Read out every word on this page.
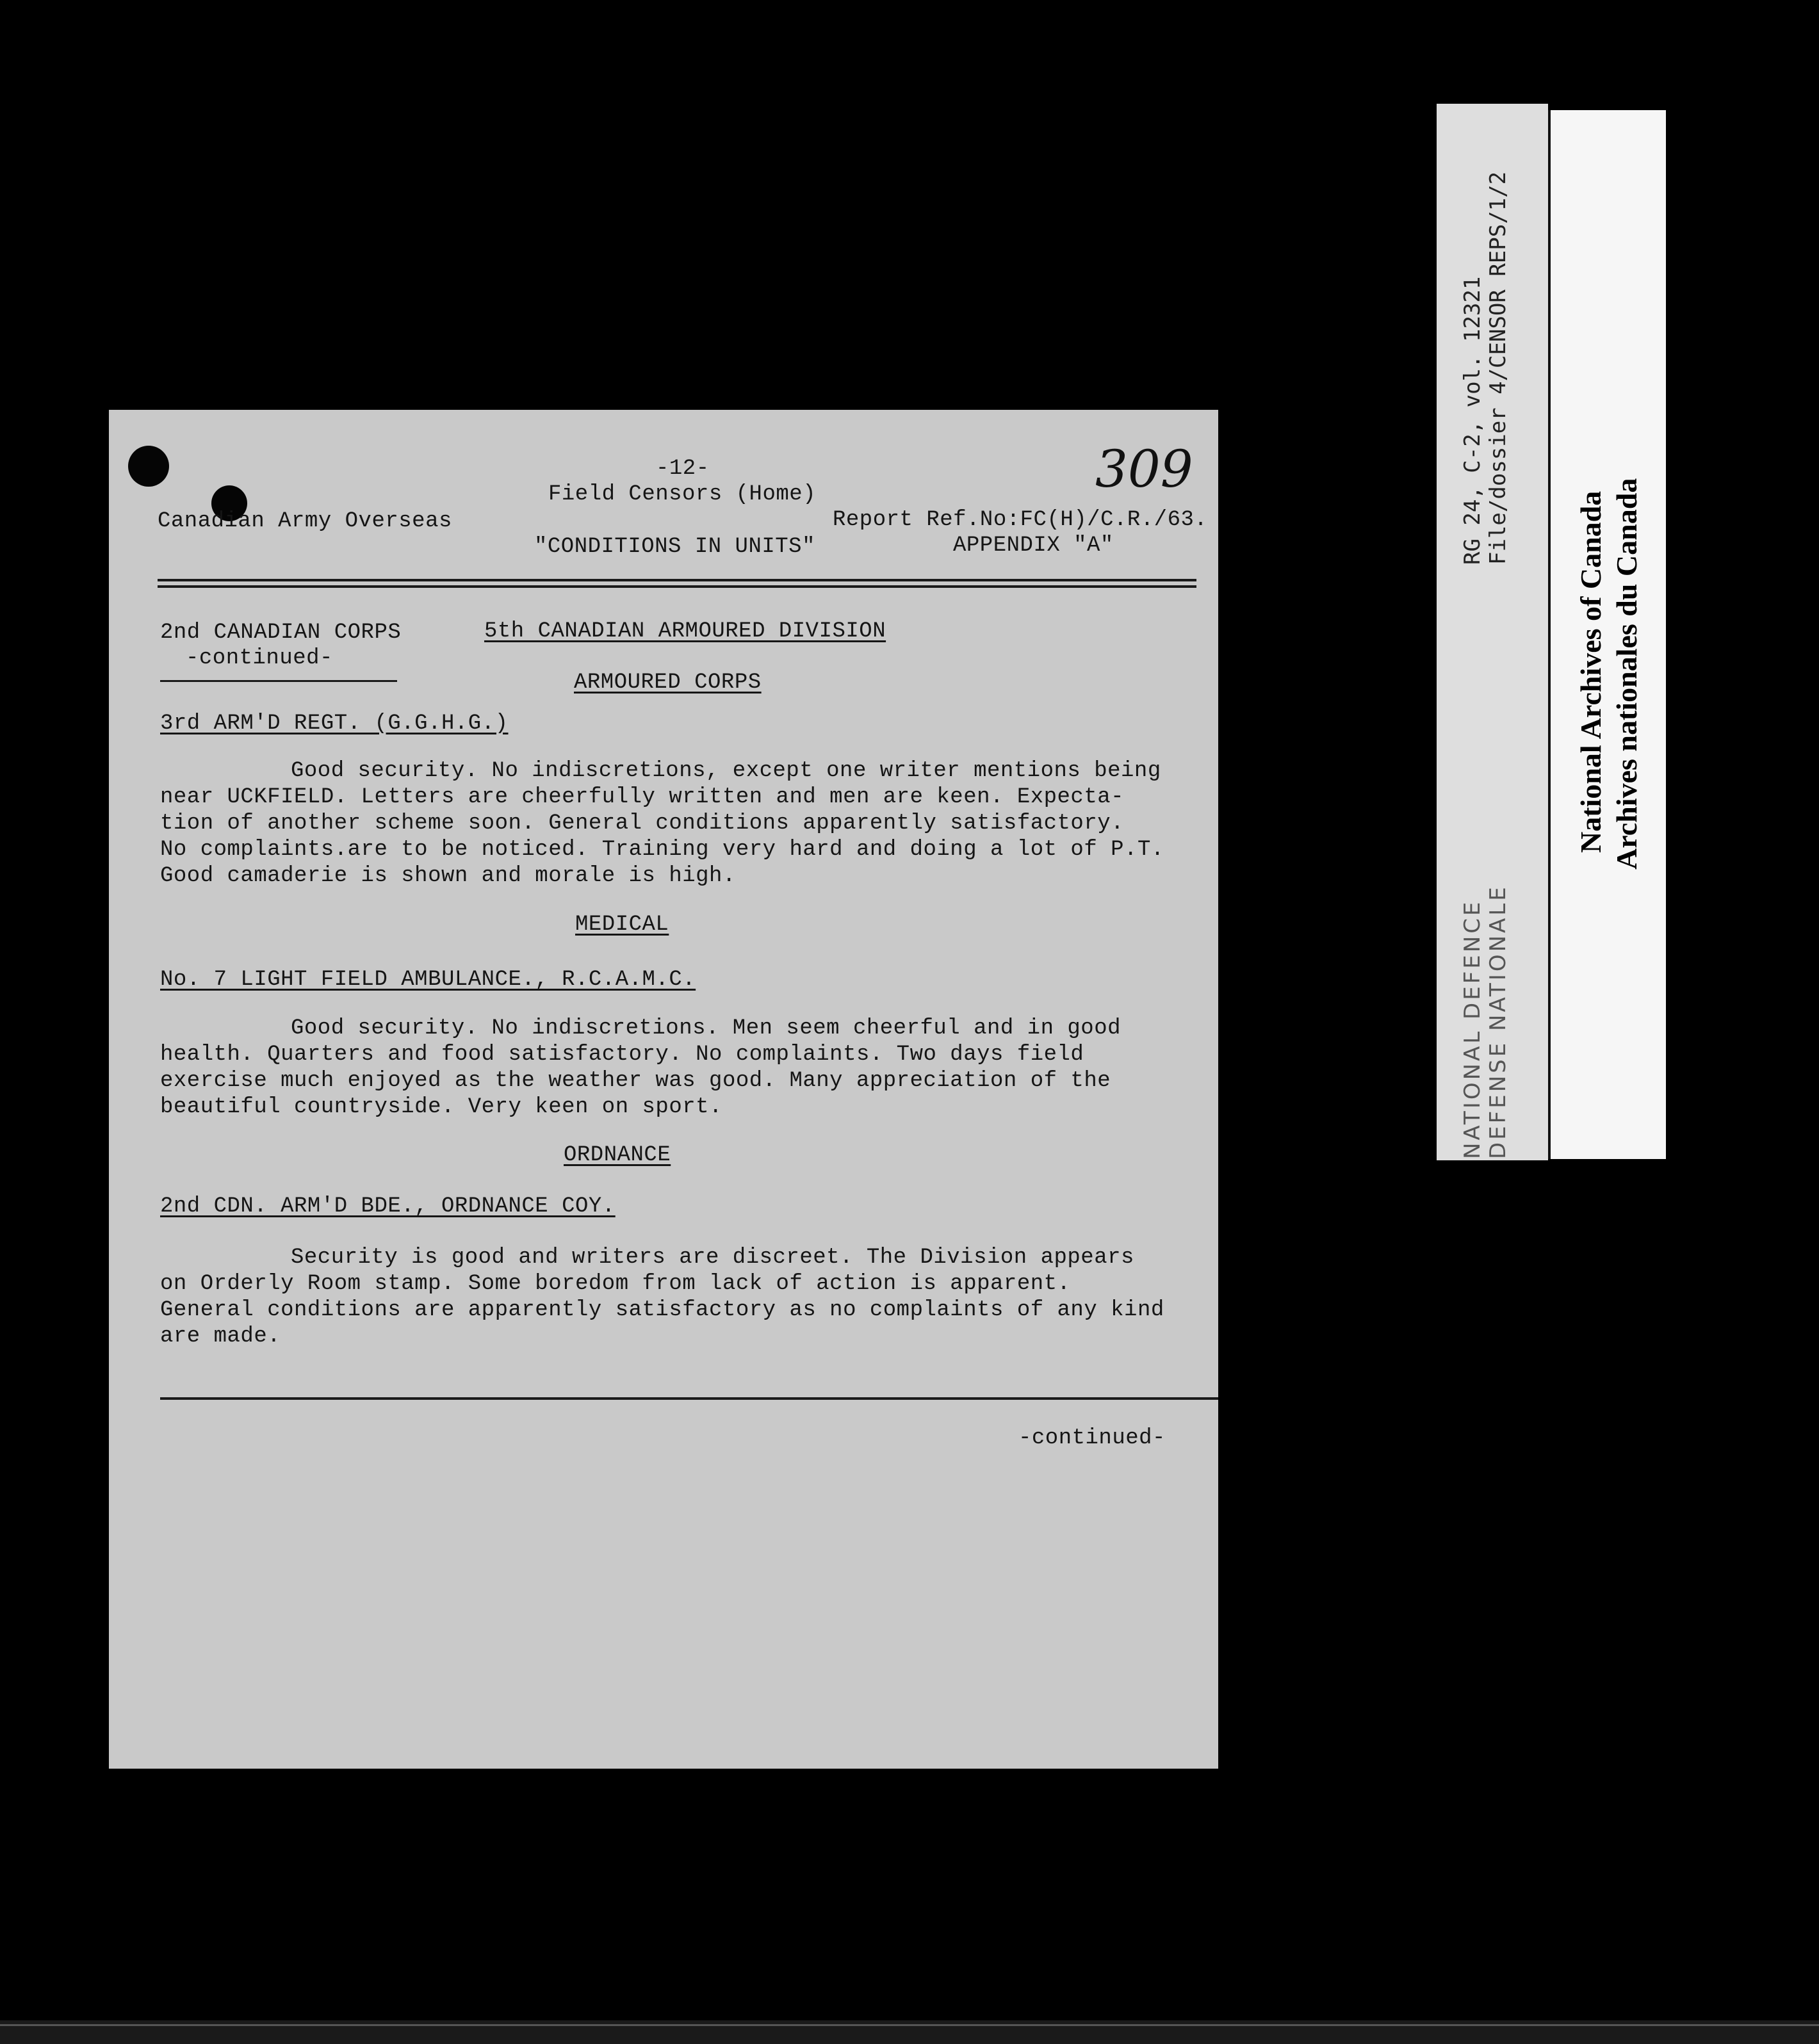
-12-

Field Censors (Home)	309

Canadian Army Overseas	Report Ref.No:FC(H)/C.R./63.

"CONDITIONS IN UNITS"	APPENDIX "A"

2nd CANADIAN CORPS

-continued-

5th CANADIAN ARMOURED DIVISION

ARMOURED CORPS

3rd ARM'D REGT. (G.G.H.G.)

Good security. No indiscretions, except one writer mentions being
near UCKFIELD. Letters are cheerfully written and men are keen. Expecta-
tion of another scheme soon. General conditions apparently satisfactory.
No complaints.are to be noticed. Training very hard and doing a lot of P.T.
Good camaderie is shown and morale is high.

MEDICAL

No. 7 LIGHT FIELD AMBULANCE., R.C.A.M.C.

Good security. No indiscretions. Men seem cheerful and in good
health. Quarters and food satisfactory. No complaints. Two days field
exercise much enjoyed as the weather was good. Many appreciation of the
beautiful countryside. Very keen on sport.

ORDNANCE

2nd CDN. ARM'D BDE., ORDNANCE COY.

Security is good and writers are discreet. The Division appears
on Orderly Room stamp. Some boredom from lack of action is apparent.
General conditions are apparently satisfactory as no complaints of any kind
are made.

-continued-

RG 24, C-2, vol. 12321 File/dossier 4/CENSOR REPS/1/2
NATIONAL DEFENCE DEFENSE NATIONALE
National Archives of Canada Archives nationales du Canada
